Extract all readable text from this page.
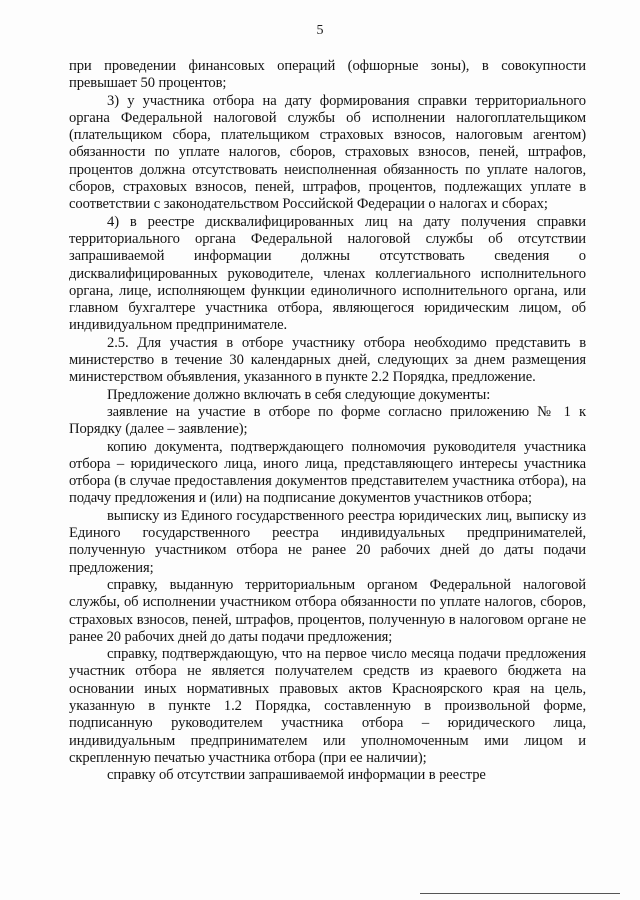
5

при проведении финансовых операций (офшорные зоны), в совокупности превышает 50 процентов;

3) у участника отбора на дату формирования справки территориального органа Федеральной налоговой службы об исполнении налогоплательщиком (плательщиком сбора, плательщиком страховых взносов, налоговым агентом) обязанности по уплате налогов, сборов, страховых взносов, пеней, штрафов, процентов должна отсутствовать неисполненная обязанность по уплате налогов, сборов, страховых взносов, пеней, штрафов, процентов, подлежащих уплате в соответствии с законодательством Российской Федерации о налогах и сборах;

4) в реестре дисквалифицированных лиц на дату получения справки территориального органа Федеральной налоговой службы об отсутствии запрашиваемой информации должны отсутствовать сведения о дисквалифицированных руководителе, членах коллегиального исполнительного органа, лице, исполняющем функции единоличного исполнительного органа, или главном бухгалтере участника отбора, являющегося юридическим лицом, об индивидуальном предпринимателе.

2.5. Для участия в отборе участнику отбора необходимо представить в министерство в течение 30 календарных дней, следующих за днем размещения министерством объявления, указанного в пункте 2.2 Порядка, предложение.

Предложение должно включать в себя следующие документы:

заявление на участие в отборе по форме согласно приложению № 1 к Порядку (далее – заявление);

копию документа, подтверждающего полномочия руководителя участника отбора – юридического лица, иного лица, представляющего интересы участника отбора (в случае предоставления документов представителем участника отбора), на подачу предложения и (или) на подписание документов участников отбора;

выписку из Единого государственного реестра юридических лиц, выписку из Единого государственного реестра индивидуальных предпринимателей, полученную участником отбора не ранее 20 рабочих дней до даты подачи предложения;

справку, выданную территориальным органом Федеральной налоговой службы, об исполнении участником отбора обязанности по уплате налогов, сборов, страховых взносов, пеней, штрафов, процентов, полученную в налоговом органе не ранее 20 рабочих дней до даты подачи предложения;

справку, подтверждающую, что на первое число месяца подачи предложения участник отбора не является получателем средств из краевого бюджета на основании иных нормативных правовых актов Красноярского края на цель, указанную в пункте 1.2 Порядка, составленную в произвольной форме, подписанную руководителем участника отбора – юридического лица, индивидуальным предпринимателем или уполномоченным ими лицом и скрепленную печатью участника отбора (при ее наличии);

справку об отсутствии запрашиваемой информации в реестре
